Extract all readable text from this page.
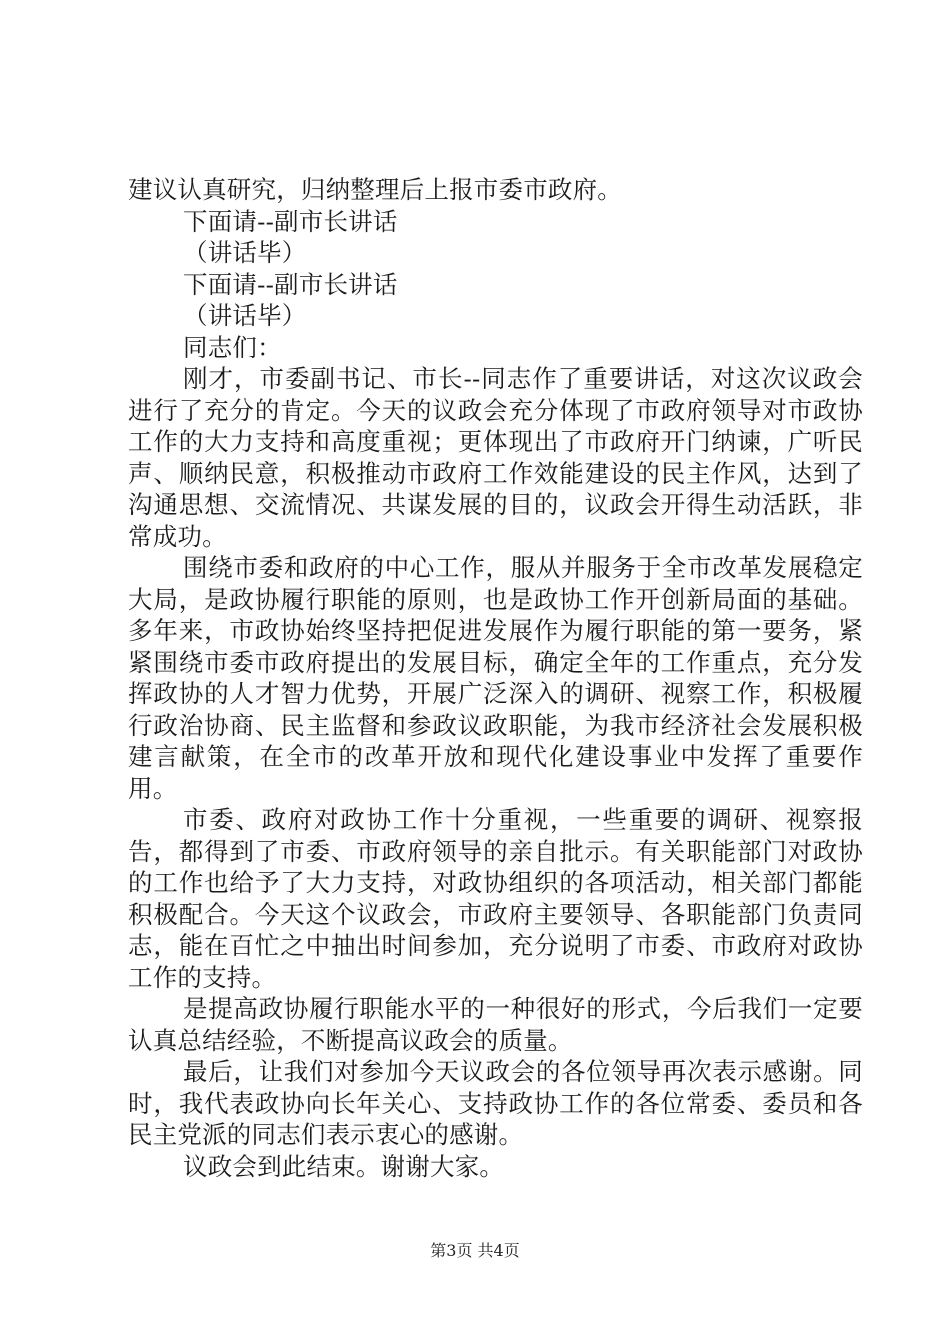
建议认真研究，归纳整理后上报市委市政府。

下面请--副市长讲话

（讲话毕）

下面请--副市长讲话

（讲话毕）

同志们：

刚才，市委副书记、市长--同志作了重要讲话，对这次议政会进行了充分的肯定。今天的议政会充分体现了市政府领导对市政协工作的大力支持和高度重视；更体现出了市政府开门纳谏，广听民声、顺纳民意，积极推动市政府工作效能建设的民主作风，达到了沟通思想、交流情况、共谋发展的目的，议政会开得生动活跃，非常成功。

围绕市委和政府的中心工作，服从并服务于全市改革发展稳定大局，是政协履行职能的原则，也是政协工作开创新局面的基础。多年来，市政协始终坚持把促进发展作为履行职能的第一要务，紧紧围绕市委市政府提出的发展目标，确定全年的工作重点，充分发挥政协的人才智力优势，开展广泛深入的调研、视察工作，积极履行政治协商、民主监督和参政议政职能，为我市经济社会发展积极建言献策，在全市的改革开放和现代化建设事业中发挥了重要作用。

市委、政府对政协工作十分重视，一些重要的调研、视察报告，都得到了市委、市政府领导的亲自批示。有关职能部门对政协的工作也给予了大力支持，对政协组织的各项活动，相关部门都能积极配合。今天这个议政会，市政府主要领导、各职能部门负责同志，能在百忙之中抽出时间参加，充分说明了市委、市政府对政协工作的支持。

是提高政协履行职能水平的一种很好的形式，今后我们一定要认真总结经验，不断提高议政会的质量。

最后，让我们对参加今天议政会的各位领导再次表示感谢。同时，我代表政协向长年关心、支持政协工作的各位常委、委员和各民主党派的同志们表示衷心的感谢。

议政会到此结束。谢谢大家。

第3页 共4页
